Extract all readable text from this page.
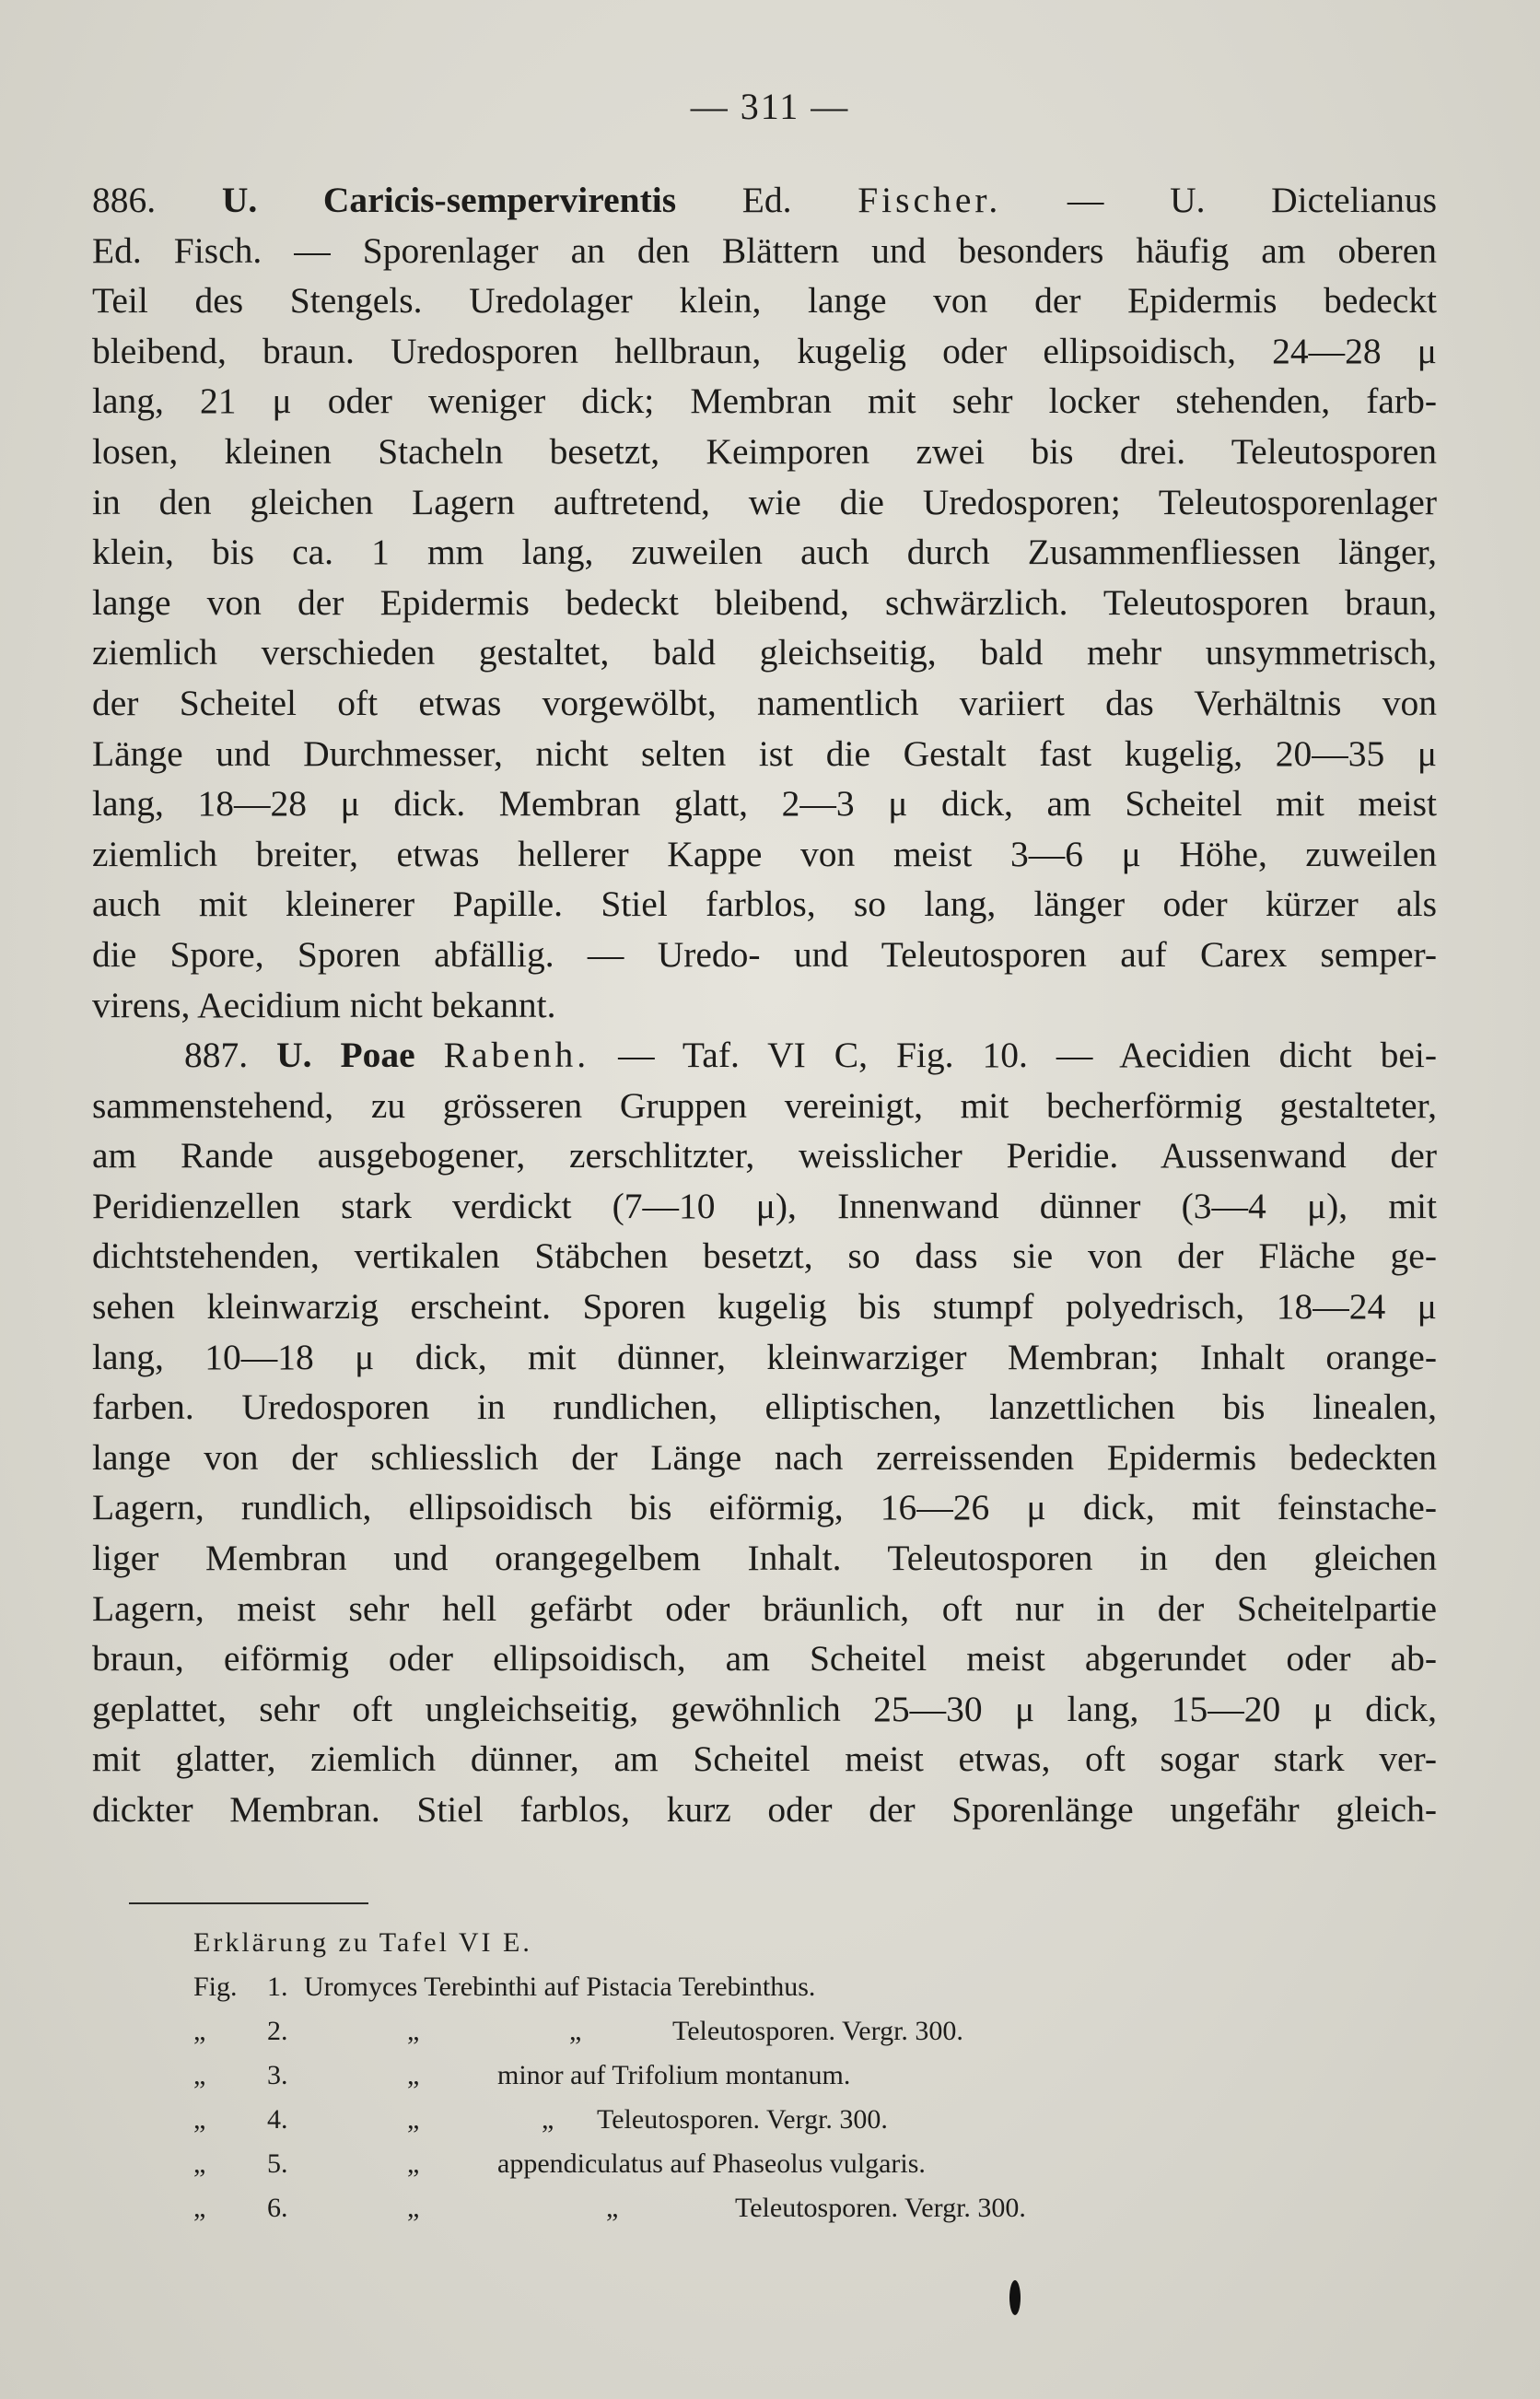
— 311 —
886. U. Caricis-sempervirentis Ed. Fischer. — U. Dictelianus
Ed. Fisch. — Sporenlager an den Blättern und besonders häufig am oberen
Teil des Stengels. Uredolager klein, lange von der Epidermis bedeckt
bleibend, braun. Uredosporen hellbraun, kugelig oder ellipsoidisch, 24—28 μ
lang, 21 μ oder weniger dick; Membran mit sehr locker stehenden, farb-
losen, kleinen Stacheln besetzt, Keimporen zwei bis drei. Teleutosporen
in den gleichen Lagern auftretend, wie die Uredosporen; Teleutosporenlager
klein, bis ca. 1 mm lang, zuweilen auch durch Zusammenfliessen länger,
lange von der Epidermis bedeckt bleibend, schwärzlich. Teleutosporen braun,
ziemlich verschieden gestaltet, bald gleichseitig, bald mehr unsymmetrisch,
der Scheitel oft etwas vorgewölbt, namentlich variiert das Verhältnis von
Länge und Durchmesser, nicht selten ist die Gestalt fast kugelig, 20—35 μ
lang, 18—28 μ dick. Membran glatt, 2—3 μ dick, am Scheitel mit meist
ziemlich breiter, etwas hellerer Kappe von meist 3—6 μ Höhe, zuweilen
auch mit kleinerer Papille. Stiel farblos, so lang, länger oder kürzer als
die Spore, Sporen abfällig. — Uredo- und Teleutosporen auf Carex semper-
virens, Aecidium nicht bekannt.
887. U. Poae Rabenh. — Taf. VI C, Fig. 10. — Aecidien dicht bei-
sammenstehend, zu grösseren Gruppen vereinigt, mit becherförmig gestalteter,
am Rande ausgebogener, zerschlitzter, weisslicher Peridie. Aussenwand der
Peridienzellen stark verdickt (7—10 μ), Innenwand dünner (3—4 μ), mit
dichtstehenden, vertikalen Stäbchen besetzt, so dass sie von der Fläche ge-
sehen kleinwarzig erscheint. Sporen kugelig bis stumpf polyedrisch, 18—24 μ
lang, 10—18 μ dick, mit dünner, kleinwarziger Membran; Inhalt orange-
farben. Uredosporen in rundlichen, elliptischen, lanzettlichen bis linealen,
lange von der schliesslich der Länge nach zerreissenden Epidermis bedeckten
Lagern, rundlich, ellipsoidisch bis eiförmig, 16—26 μ dick, mit feinstache-
liger Membran und orangegelbem Inhalt. Teleutosporen in den gleichen
Lagern, meist sehr hell gefärbt oder bräunlich, oft nur in der Scheitelpartie
braun, eiförmig oder ellipsoidisch, am Scheitel meist abgerundet oder ab-
geplattet, sehr oft ungleichseitig, gewöhnlich 25—30 μ lang, 15—20 μ dick,
mit glatter, ziemlich dünner, am Scheitel meist etwas, oft sogar stark ver-
dickter Membran. Stiel farblos, kurz oder der Sporenlänge ungefähr gleich-
Erklärung zu Tafel VI E.
Fig. 1. Uromyces Terebinthi auf Pistacia Terebinthus.
„ 2.	„	„	Teleutosporen. Vergr. 300.
„ 3.	„	minor auf Trifolium montanum.
„ 4.	„	„ Teleutosporen. Vergr. 300.
„ 5.	„	appendiculatus auf Phaseolus vulgaris.
„ 6.	„	„	Teleutosporen. Vergr. 300.
